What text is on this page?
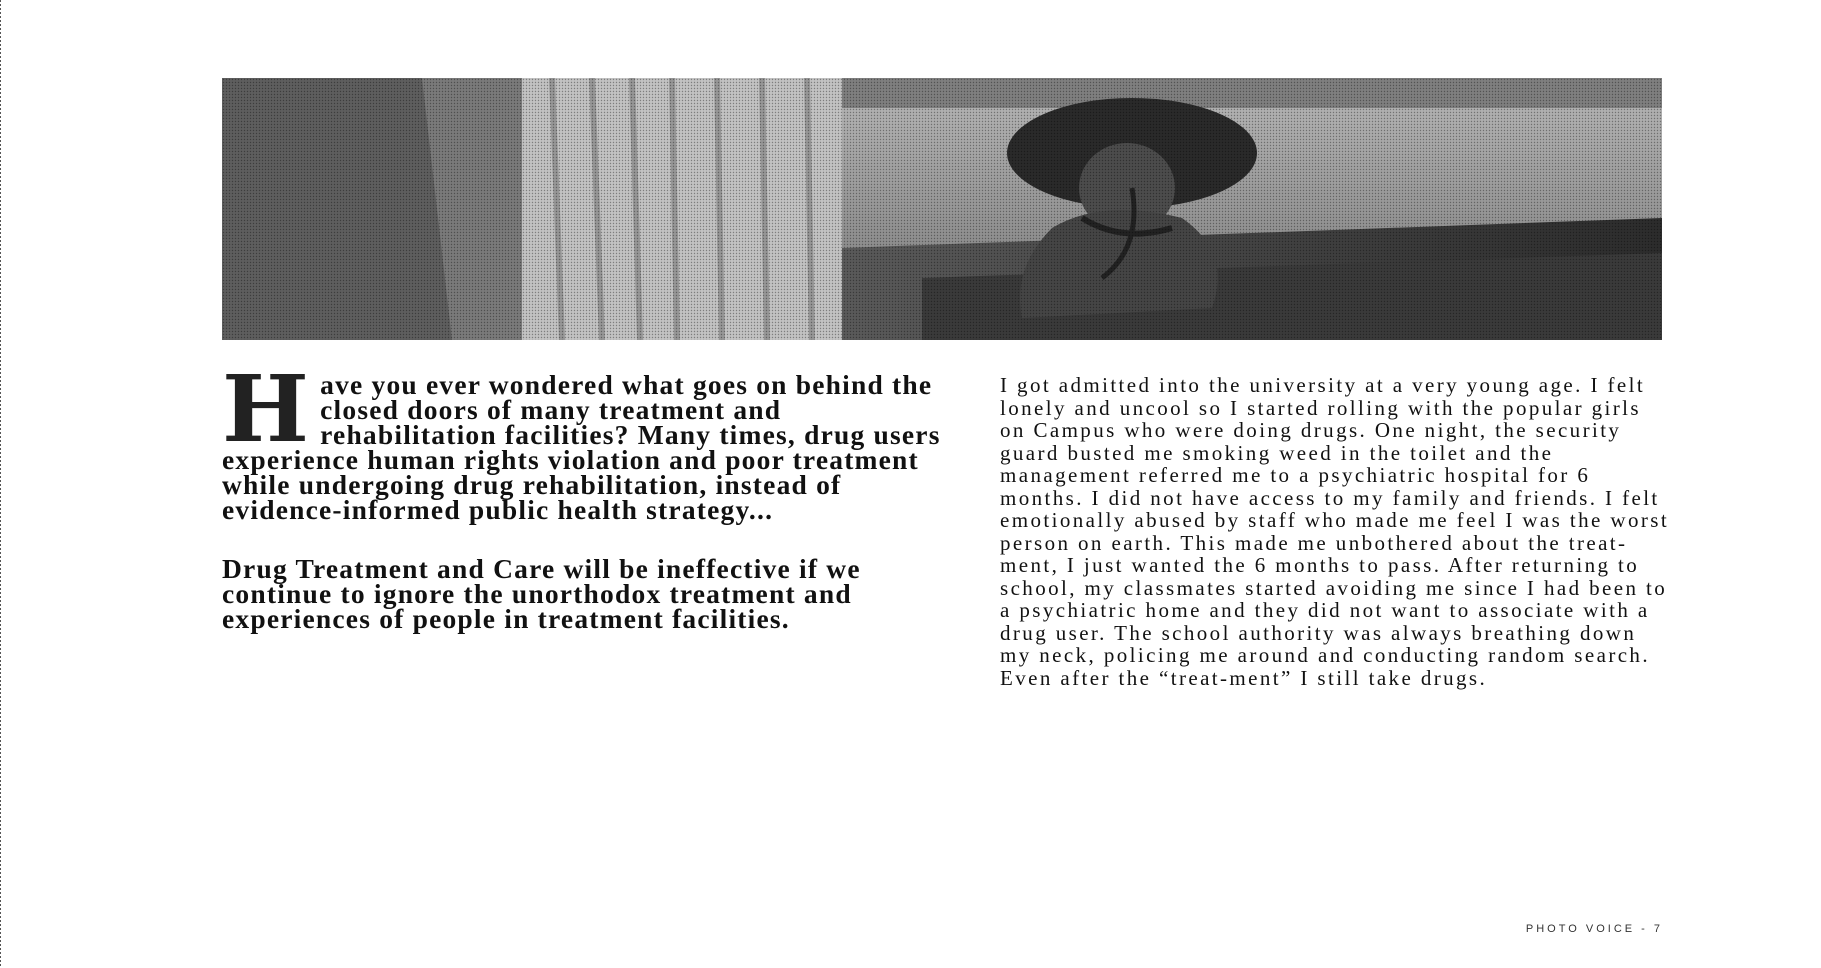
Have you ever wondered what goes on behind the closed doors of many treatment and rehabilitation facilities? Many times, drug users experience human rights violation and poor treatment while undergoing drug rehabilitation, instead of evidence-informed public health strategy...

Drug Treatment and Care will be ineffective if we continue to ignore the unorthodox treatment and experiences of people in treatment facilities.

I got admitted into the university at a very young age. I felt lonely and uncool so I started rolling with the popular girls on Campus who were doing drugs. One night, the security guard busted me smoking weed in the toilet and the management referred me to a psychiatric hospital for 6 months. I did not have access to my family and friends. I felt emotionally abused by staff who made me feel I was the worst person on earth. This made me unbothered about the treat-ment, I just wanted the 6 months to pass. After returning to school, my classmates started avoiding me since I had been to a psychiatric home and they did not want to associate with a drug user. The school authority was always breathing down my neck, policing me around and conducting random search. Even after the “treat-ment” I still take drugs.

PHOTO VOICE - 7
